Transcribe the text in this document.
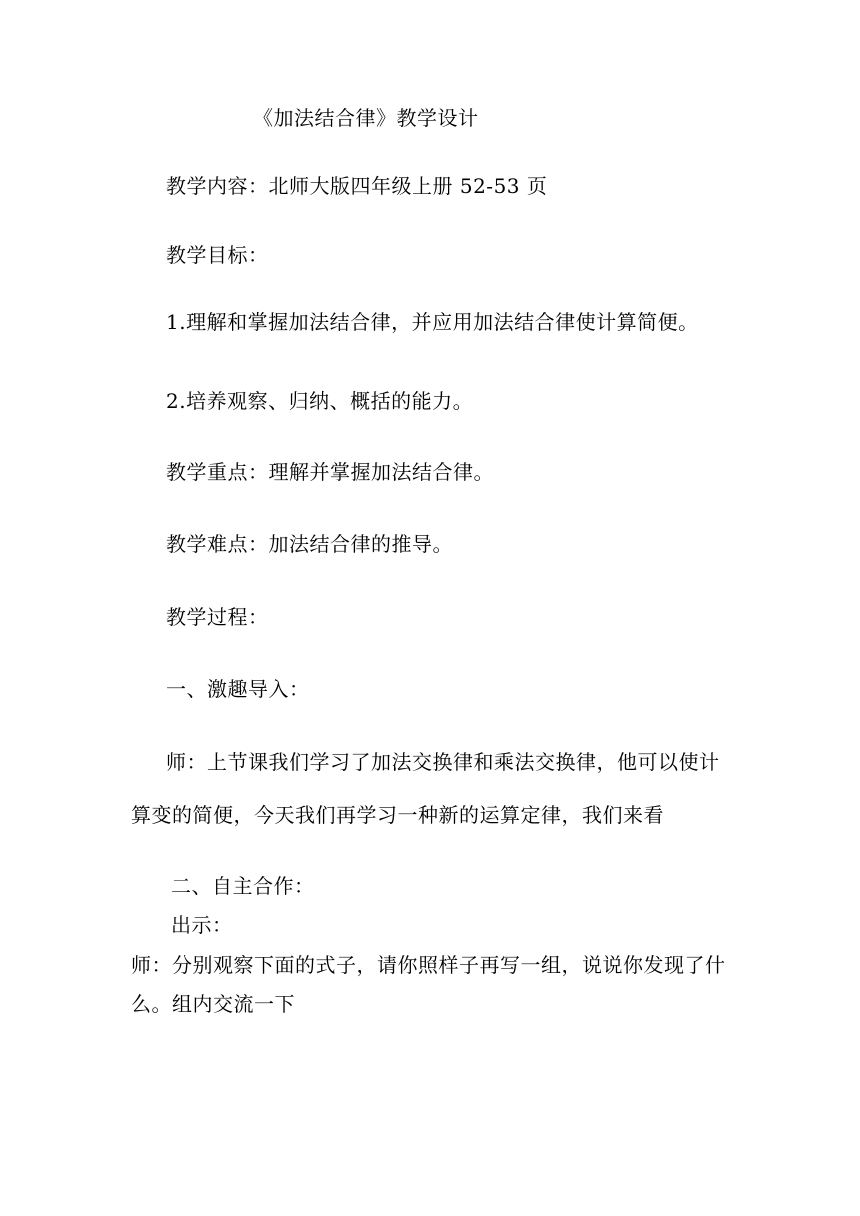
《加法结合律》教学设计
教学内容：北师大版四年级上册 52-53 页
教学目标：
1.理解和掌握加法结合律，并应用加法结合律使计算简便。
2.培养观察、归纳、概括的能力。
教学重点：理解并掌握加法结合律。
教学难点：加法结合律的推导。
教学过程：
一、激趣导入：
师：上节课我们学习了加法交换律和乘法交换律，他可以使计
算变的简便，今天我们再学习一种新的运算定律，我们来看
二、自主合作：
出示：
师：分别观察下面的式子，请你照样子再写一组，说说你发现了什
么。组内交流一下
